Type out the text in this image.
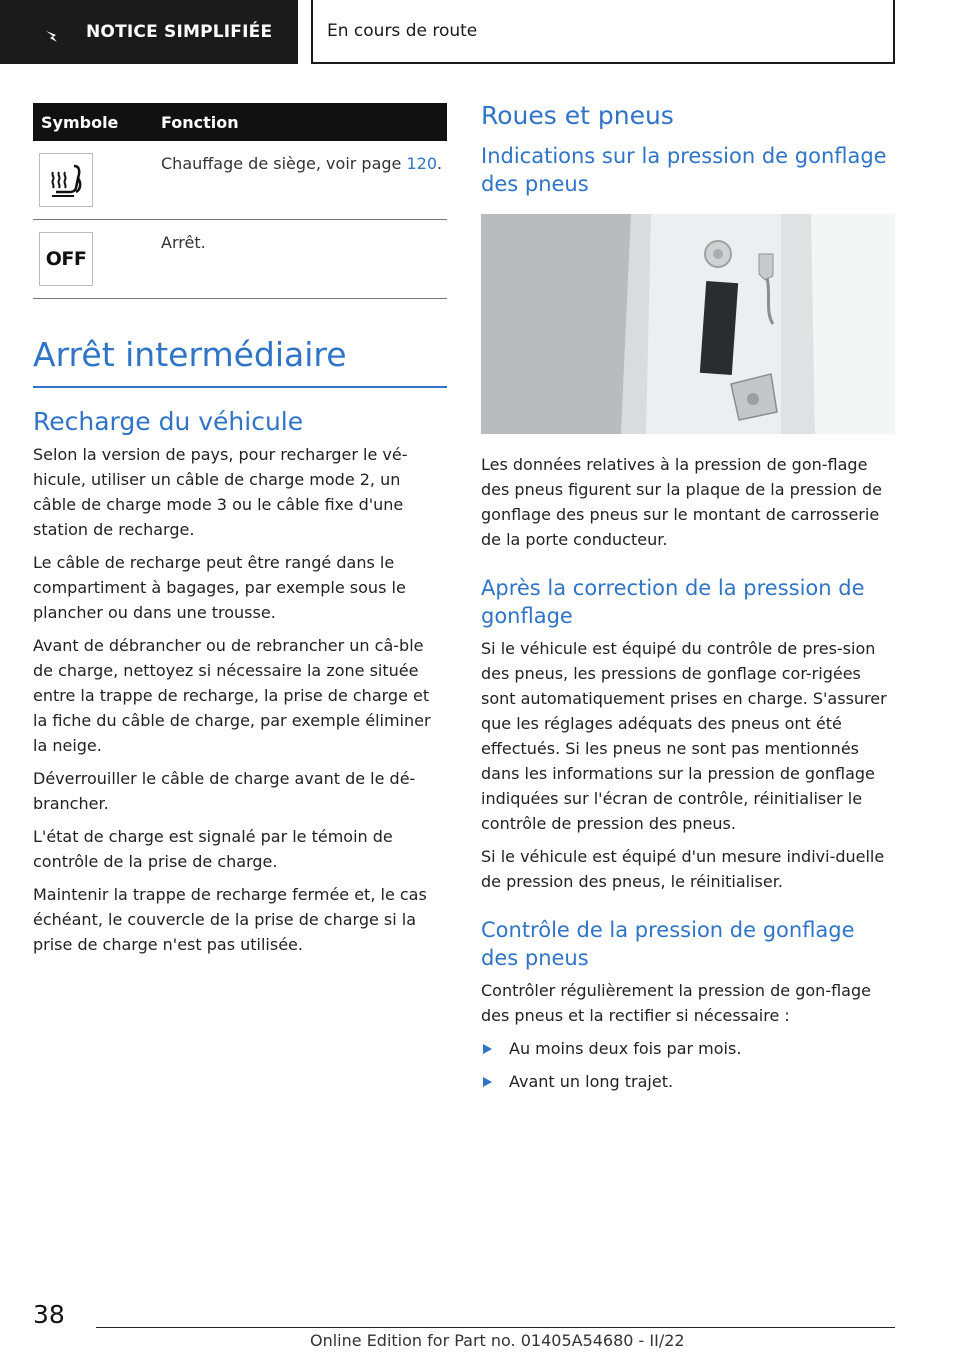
NOTICE SIMPLIFIÉE	En cours de route
Symbole	Fonction

	Chauffage de siège, voir page 120.

OFF	Arrêt.
Arrêt intermédiaire
Recharge du véhicule

Selon la version de pays, pour recharger le vé-hicule, utiliser un câble de charge mode 2, un câble de charge mode 3 ou le câble fixe d'une station de recharge.

Le câble de recharge peut être rangé dans le compartiment à bagages, par exemple sous le plancher ou dans une trousse.

Avant de débrancher ou de rebrancher un câ-ble de charge, nettoyez si nécessaire la zone située entre la trappe de recharge, la prise de charge et la fiche du câble de charge, par exemple éliminer la neige.

Déverrouiller le câble de charge avant de le dé-brancher.

L'état de charge est signalé par le témoin de contrôle de la prise de charge.

Maintenir la trappe de recharge fermée et, le cas échéant, le couvercle de la prise de charge si la prise de charge n'est pas utilisée.

Roues et pneus
Indications sur la pression de gonflage des pneus

Les données relatives à la pression de gon-flage des pneus figurent sur la plaque de la pression de gonflage des pneus sur le montant de carrosserie de la porte conducteur.

Après la correction de la pression de gonflage

Si le véhicule est équipé du contrôle de pres-sion des pneus, les pressions de gonflage cor-rigées sont automatiquement prises en charge. S'assurer que les réglages adéquats des pneus ont été effectués. Si les pneus ne sont pas mentionnés dans les informations sur la pression de gonflage indiquées sur l'écran de contrôle, réinitialiser le contrôle de pression des pneus.

Si le véhicule est équipé d'un mesure indivi-duelle de pression des pneus, le réinitialiser.

Contrôle de la pression de gonflage des pneus

Contrôler régulièrement la pression de gon-flage des pneus et la rectifier si nécessaire :

Au moins deux fois par mois.
Avant un long trajet.
38
Online Edition for Part no. 01405A54680 - II/22
